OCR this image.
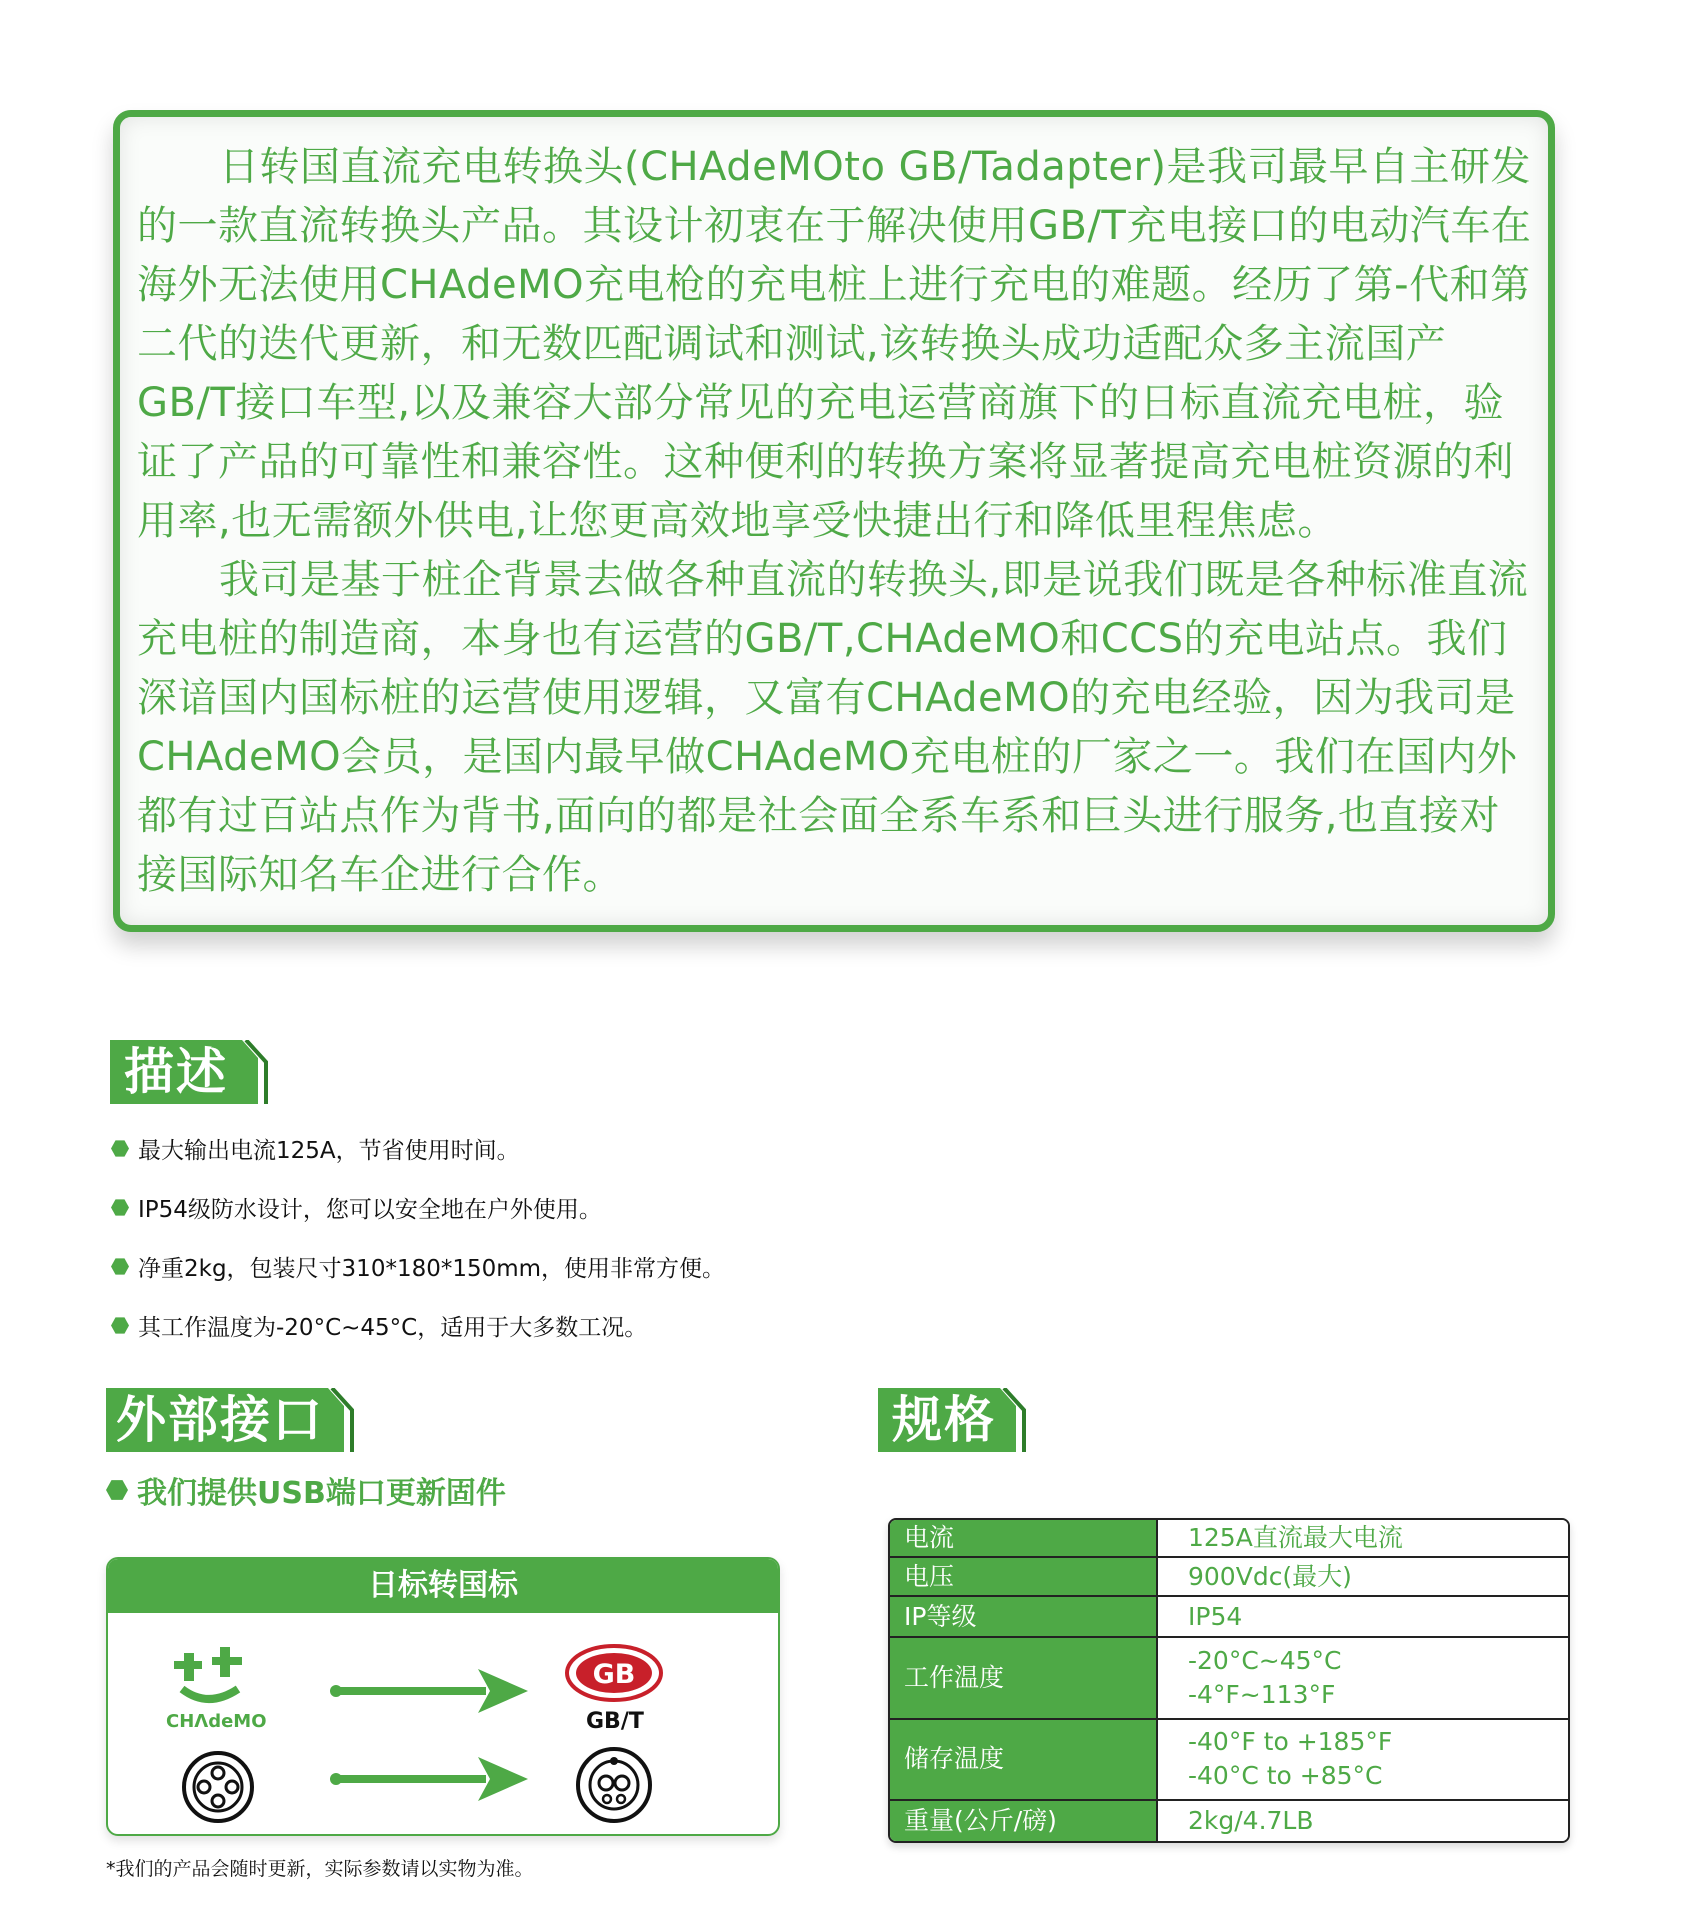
日转国直流充电转换头(CHAdeMOto GB/Tadapter)是我司最早自主研发的一款直流转换头产品。其设计初衷在于解决使用GB/T充电接口的电动汽车在海外无法使用CHAdeMO充电枪的充电桩上进行充电的难题。经历了第-代和第二代的迭代更新，和无数匹配调试和测试,该转换头成功适配众多主流国产GB/T接口车型,以及兼容大部分常见的充电运营商旗下的日标直流充电桩，验证了产品的可靠性和兼容性。这种便利的转换方案将显著提高充电桩资源的利用率,也无需额外供电,让您更高效地享受快捷出行和降低里程焦虑。

我司是基于桩企背景去做各种直流的转换头,即是说我们既是各种标准直流充电桩的制造商，本身也有运营的GB/T,CHAdeMO和CCS的充电站点。我们深谙国内国标桩的运营使用逻辑，又富有CHAdeMO的充电经验，因为我司是CHAdeMO会员，是国内最早做CHAdeMO充电桩的厂家之一。我们在国内外都有过百站点作为背书,面向的都是社会面全系车系和巨头进行服务,也直接对接国际知名车企进行合作。

描述
最大输出电流125A，节省使用时间。
IP54级防水设计，您可以安全地在户外使用。
净重2kg，包装尺寸310*180*150mm，使用非常方便。
其工作温度为-20°C~45°C，适用于大多数工况。
外部接口
我们提供USB端口更新固件
规格
日标转国标
CHΛdeMO
GB
GB/T
电流	125A直流最大电流
电压	900Vdc(最大)
IP等级	IP54
工作温度	-20°C~45°C
-4°F~113°F

储存温度	-40°F to +185°F
-40°C to +85°C

重量(公斤/磅)	2kg/4.7LB
*我们的产品会随时更新，实际参数请以实物为准。
